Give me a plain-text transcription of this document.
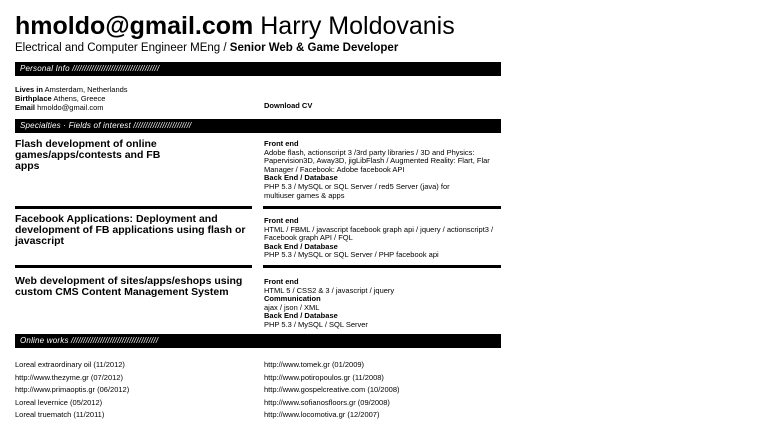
hmoldo@gmail.com Harry Moldovanis
Electrical and Computer Engineer MEng / Senior Web & Game Developer
Personal Info ////////////////////////////////////
Lives in Amsterdam, Netherlands
Birthplace Athens, Greece
Email hmoldo@gmail.com	Download CV
Specialties · Fields of interest ////////////////////////
Flash development of online games/apps/contests and FB apps
Front end
Adobe flash, actionscript 3 /3rd party libraries / 3D and Physics: Papervision3D, Away3D, jigLibFlash / Augmented Reality: Flart, Flar Manager / Facebook: Adobe facebook API
Back End / Database
PHP 5.3 / MySQL or SQL Server / red5 Server (java) for multiuser games & apps
Facebook Applications: Deployment and development of FB applications using flash or javascript
Front end
HTML / FBML / javascript facebook graph api / jquery / actionscript3 / Facebook graph API / FQL
Back End / Database
PHP 5.3 / MySQL or SQL Server / PHP facebook api
Web development of sites/apps/eshops using custom CMS Content Management System
Front end
HTML 5 / CSS2 & 3 / javascript / jquery
Communication
ajax / json / XML
Back End / Database
PHP 5.3 / MySQL / SQL Server
Online works ////////////////////////////////////
Loreal extraordinary oil (11/2012)
http://www.thezyme.gr (07/2012)
http://www.primaoptis.gr (06/2012)
Loreal levernice (05/2012)
Loreal truematch (11/2011)
http://www.tomek.gr (01/2009)
http://www.potiropoulos.gr (11/2008)
http://www.gospelcreative.com (10/2008)
http://www.sofianosfloors.gr (09/2008)
http://www.locomotiva.gr (12/2007)
